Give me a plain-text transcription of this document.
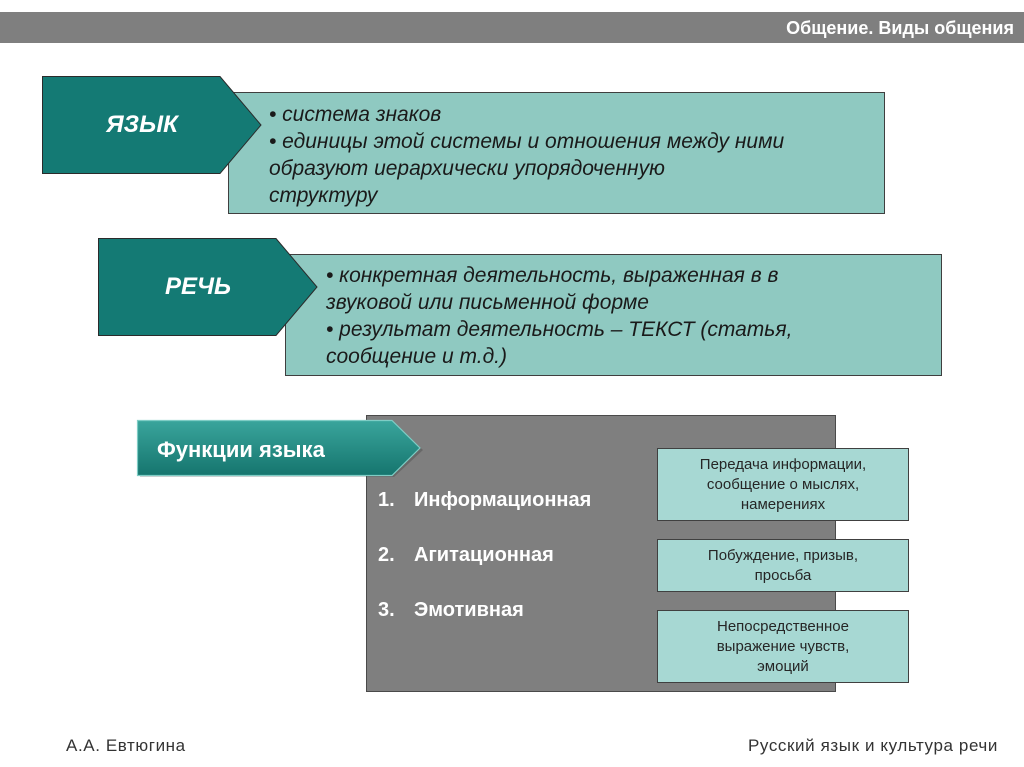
Общение. Виды общения
• система знаков
• единицы этой системы и отношения между ними
образуют иерархически упорядоченную
структуру
ЯЗЫК
• конкретная деятельность, выраженная в в
звуковой или письменной форме
• результат деятельность – ТЕКСТ (статья,
сообщение и т.д.)
РЕЧЬ
Функции языка
1. Информационная
2. Агитационная
3. Эмотивная
Передача информации,
сообщение о мыслях,
намерениях
Побуждение, призыв,
просьба
Непосредственное
выражение чувств,
эмоций
А.А. Евтюгина	Русский язык и культура речи
